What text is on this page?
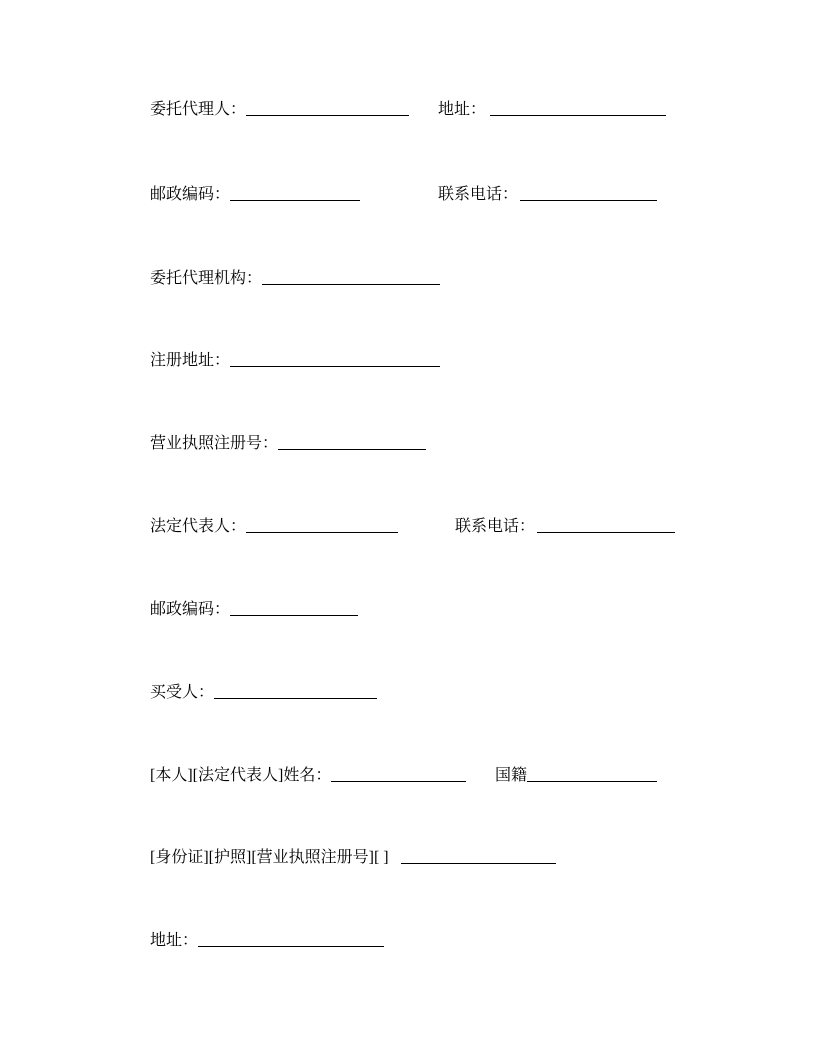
委托代理人：	地址：
邮政编码：	联系电话：
委托代理机构：
注册地址：
营业执照注册号：
法定代表人：	联系电话：
邮政编码：
买受人：
[本人][法定代表人]姓名：	国籍
[身份证][护照][营业执照注册号][ ]
地址：
